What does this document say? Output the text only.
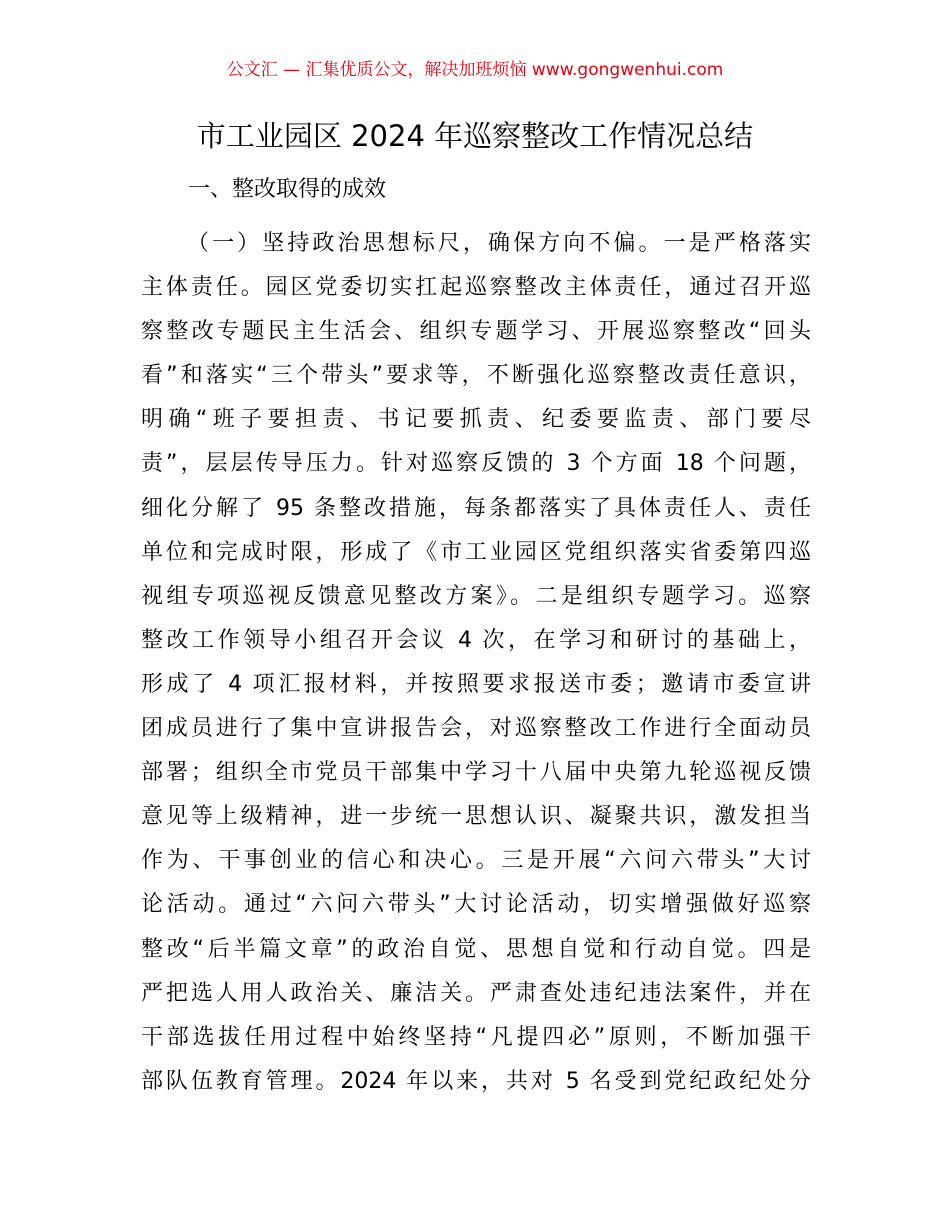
公文汇 — 汇集优质公文，解决加班烦恼 www.gongwenhui.com
市工业园区 2024 年巡察整改工作情况总结
一、整改取得的成效
（一）坚持政治思想标尺，确保方向不偏。一是严格落实
主体责任。园区党委切实扛起巡察整改主体责任，通过召开巡
察整改专题民主生活会、组织专题学习、开展巡察整改“回头
看”和落实“三个带头”要求等，不断强化巡察整改责任意识，
明确“班子要担责、书记要抓责、纪委要监责、部门要尽
责”，层层传导压力。针对巡察反馈的 3 个方面 18 个问题，
细化分解了 95 条整改措施，每条都落实了具体责任人、责任
单位和完成时限，形成了《市工业园区党组织落实省委第四巡
视组专项巡视反馈意见整改方案》。二是组织专题学习。巡察
整改工作领导小组召开会议 4 次，在学习和研讨的基础上，
形成了 4 项汇报材料，并按照要求报送市委；邀请市委宣讲
团成员进行了集中宣讲报告会，对巡察整改工作进行全面动员
部署；组织全市党员干部集中学习十八届中央第九轮巡视反馈
意见等上级精神，进一步统一思想认识、凝聚共识，激发担当
作为、干事创业的信心和决心。三是开展“六问六带头”大讨
论活动。通过“六问六带头”大讨论活动，切实增强做好巡察
整改“后半篇文章”的政治自觉、思想自觉和行动自觉。四是
严把选人用人政治关、廉洁关。严肃查处违纪违法案件，并在
干部选拔任用过程中始终坚持“凡提四必”原则，不断加强干
部队伍教育管理。2024 年以来，共对 5 名受到党纪政纪处分
